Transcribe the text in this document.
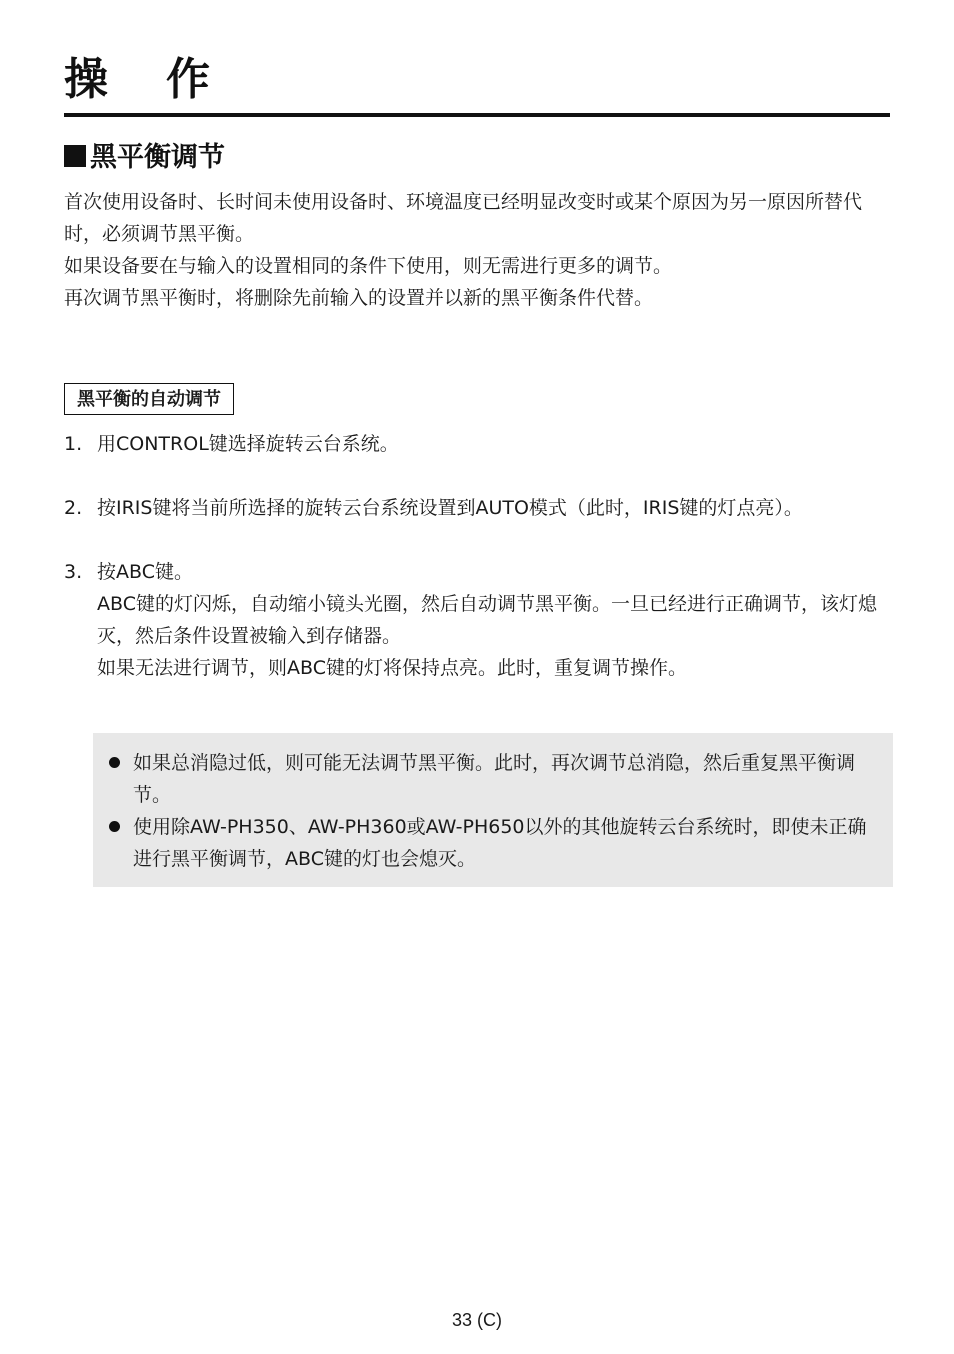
操作
黑平衡调节

首次使用设备时、长时间未使用设备时、环境温度已经明显改变时或某个原因为另一原因所替代时，必须调节黑平衡。

如果设备要在与输入的设置相同的条件下使用，则无需进行更多的调节。

再次调节黑平衡时，将删除先前输入的设置并以新的黑平衡条件代替。

黑平衡的自动调节
1. 用CONTROL键选择旋转云台系统。

2. 按IRIS键将当前所选择的旋转云台系统设置到AUTO模式（此时，IRIS键的灯点亮）。

3. 按ABC键。

ABC键的灯闪烁，自动缩小镜头光圈，然后自动调节黑平衡。一旦已经进行正确调节，该灯熄灭，然后条件设置被输入到存储器。

如果无法进行调节，则ABC键的灯将保持点亮。此时，重复调节操作。

如果总消隐过低，则可能无法调节黑平衡。此时，再次调节总消隐，然后重复黑平衡调节。
使用除AW-PH350、AW-PH360或AW-PH650以外的其他旋转云台系统时，即使未正确进行黑平衡调节，ABC键的灯也会熄灭。
33 (C)
